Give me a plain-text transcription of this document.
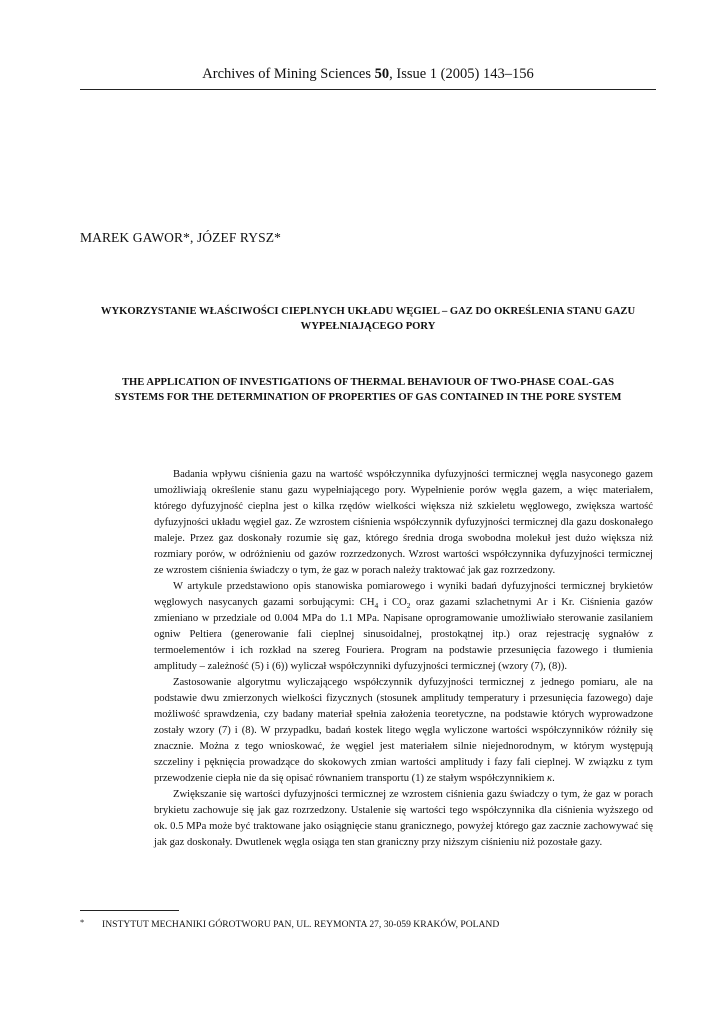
Archives of Mining Sciences 50, Issue 1 (2005) 143–156
MAREK GAWOR*, JÓZEF RYSZ*
WYKORZYSTANIE WŁAŚCIWOŚCI CIEPLNYCH UKŁADU WĘGIEL – GAZ DO OKREŚLENIA STANU GAZU WYPEŁNIAJĄCEGO PORY
THE APPLICATION OF INVESTIGATIONS OF THERMAL BEHAVIOUR OF TWO-PHASE COAL-GAS SYSTEMS FOR THE DETERMINATION OF PROPERTIES OF GAS CONTAINED IN THE PORE SYSTEM

Badania wpływu ciśnienia gazu na wartość współczynnika dyfuzyjności termicznej węgla nasyconego gazem umożliwiają określenie stanu gazu wypełniającego pory. Wypełnienie porów węgla gazem, a więc materiałem, którego dyfuzyjność cieplna jest o kilka rzędów wielkości większa niż szkieletu węglowego, zwiększa wartość dyfuzyjności układu węgiel gaz. Ze wzrostem ciśnienia współczynnik dyfuzyjności termicznej dla gazu doskonałego maleje. Przez gaz doskonały rozumie się gaz, którego średnia droga swobodna molekuł jest dużo większa niż rozmiary porów, w odróżnieniu od gazów rozrzedzonych. Wzrost wartości współczynnika dyfuzyjności termicznej ze wzrostem ciśnienia świadczy o tym, że gaz w porach należy traktować jak gaz rozrzedzony.

W artykule przedstawiono opis stanowiska pomiarowego i wyniki badań dyfuzyjności termicznej brykietów węglowych nasycanych gazami sorbującymi: $CH_4$ i $CO_2$ oraz gazami szlachetnymi Ar i Kr. Ciśnienia gazów zmieniano w przedziale od 0.004 MPa do 1.1 MPa. Napisane oprogramowanie umożliwiało sterowanie zasilaniem ogniw Peltiera (generowanie fali cieplnej sinusoidalnej, prostokątnej itp.) oraz rejestrację sygnałów z termoelementów i ich rozkład na szereg Fouriera. Program na podstawie przesunięcia fazowego i tłumienia amplitudy – zależność (5) i (6)) wyliczał współczynniki dyfuzyjności termicznej (wzory (7), (8)).

Zastosowanie algorytmu wyliczającego współczynnik dyfuzyjności termicznej z jednego pomiaru, ale na podstawie dwu zmierzonych wielkości fizycznych (stosunek amplitudy temperatury i przesunięcia fazowego) daje możliwość sprawdzenia, czy badany materiał spełnia założenia teoretyczne, na podstawie których wyprowadzone zostały wzory (7) i (8). W przypadku, badań kostek litego węgla wyliczone wartości współczynników różniły się znacznie. Można z tego wnioskować, że węgiel jest materiałem silnie niejednorodnym, w którym występują szczeliny i pęknięcia prowadzące do skokowych zmian wartości amplitudy i fazy fali cieplnej. W związku z tym przewodzenie ciepła nie da się opisać równaniem transportu (1) ze stałym współczynnikiem κ.

Zwiększanie się wartości dyfuzyjności termicznej ze wzrostem ciśnienia gazu świadczy o tym, że gaz w porach brykietu zachowuje się jak gaz rozrzedzony. Ustalenie się wartości tego współczynnika dla ciśnienia wyższego od ok. 0.5 MPa może być traktowane jako osiągnięcie stanu granicznego, powyżej którego gaz zacznie zachowywać się jak gaz doskonały. Dwutlenek węgla osiąga ten stan graniczny przy niższym ciśnieniu niż pozostałe gazy.

* INSTYTUT MECHANIKI GÓROTWORU PAN, UL. REYMONTA 27, 30-059 KRAKÓW, POLAND
